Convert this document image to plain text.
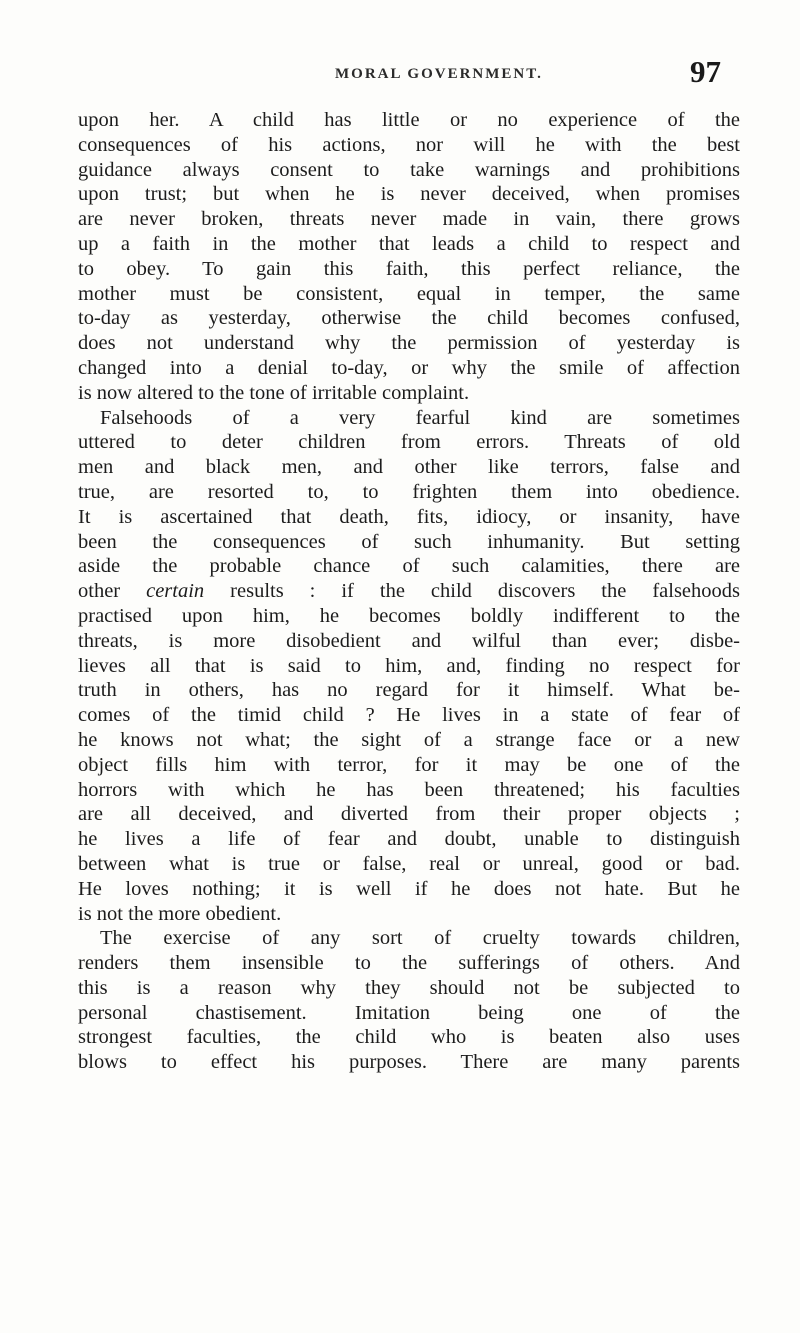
MORAL GOVERNMENT.	97
upon her. A child has little or no experience of the
consequences of his actions, nor will he with the best
guidance always consent to take warnings and prohibitions
upon trust; but when he is never deceived, when promises
are never broken, threats never made in vain, there grows
up a faith in the mother that leads a child to respect and
to obey. To gain this faith, this perfect reliance, the
mother must be consistent, equal in temper, the same
to-day as yesterday, otherwise the child becomes confused,
does not understand why the permission of yesterday is
changed into a denial to-day, or why the smile of affection
is now altered to the tone of irritable complaint.
Falsehoods of a very fearful kind are sometimes
uttered to deter children from errors. Threats of old
men and black men, and other like terrors, false and
true, are resorted to, to frighten them into obedience.
It is ascertained that death, fits, idiocy, or insanity, have
been the consequences of such inhumanity. But setting
aside the probable chance of such calamities, there are
other certain results : if the child discovers the falsehoods
practised upon him, he becomes boldly indifferent to the
threats, is more disobedient and wilful than ever; disbe-
lieves all that is said to him, and, finding no respect for
truth in others, has no regard for it himself. What be-
comes of the timid child ? He lives in a state of fear of
he knows not what; the sight of a strange face or a new
object fills him with terror, for it may be one of the
horrors with which he has been threatened; his faculties
are all deceived, and diverted from their proper objects ;
he lives a life of fear and doubt, unable to distinguish
between what is true or false, real or unreal, good or bad.
He loves nothing; it is well if he does not hate. But he
is not the more obedient.
The exercise of any sort of cruelty towards children,
renders them insensible to the sufferings of others. And
this is a reason why they should not be subjected to
personal chastisement. Imitation being one of the
strongest faculties, the child who is beaten also uses
blows to effect his purposes. There are many parents
